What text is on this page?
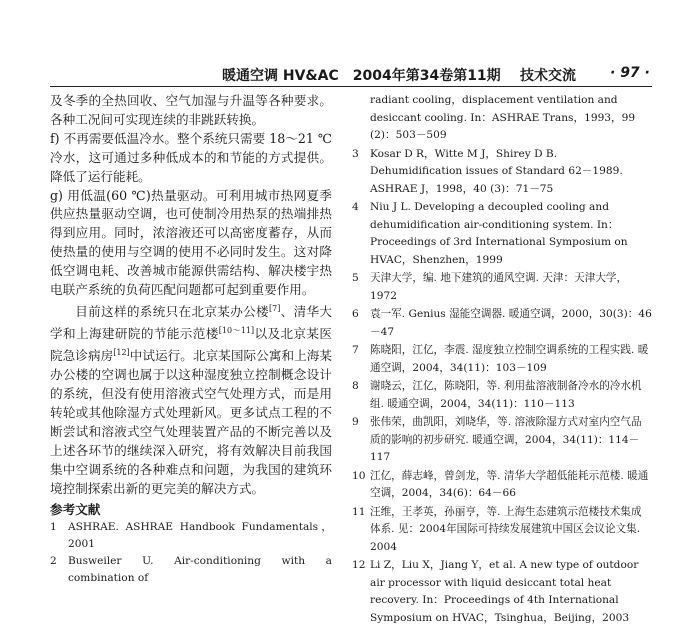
暖通空调 HV&AC　2004年第34卷第11期 技术交流 · 97 ·

及冬季的全热回收、空气加湿与升温等各种要求。各种工况间可实现连续的非跳跃转换。

f) 不再需要低温冷水。整个系统只需要 18～21 ℃冷水，这可通过多种低成本的和节能的方式提供。降低了运行能耗。

g) 用低温(60 ℃)热量驱动。可利用城市热网夏季供应热量驱动空调，也可使制冷用热泵的热端排热得到应用。同时，浓溶液还可以高密度蓄存，从而使热量的使用与空调的使用不必同时发生。这对降低空调电耗、改善城市能源供需结构、解决楼宇热电联产系统的负荷匹配问题都可起到重要作用。

目前这样的系统只在北京某办公楼[7]、清华大学和上海建研院的节能示范楼[10～11]以及北京某医院急诊病房[12]中试运行。北京某国际公寓和上海某办公楼的空调也属于以这种湿度独立控制概念设计的系统，但没有使用溶液式空气处理方式，而是用转轮或其他除湿方式处理新风。更多试点工程的不断尝试和溶液式空气处理装置产品的不断完善以及上述各环节的继续深入研究，将有效解决目前我国集中空调系统的各种难点和问题，为我国的建筑环境控制探索出新的更完美的解决方式。

参考文献
1	ASHRAE. ASHRAE Handbook Fundamentals，2001
2	Busweiler U. Air-conditioning with a combination of
radiant cooling，displacement ventilation and desiccant cooling. In：ASHRAE Trans，1993，99 (2)：503－509
3	Kosar D R，Witte M J，Shirey D B. Dehumidification issues of Standard 62－1989. ASHRAE J，1998，40 (3)：71－75
4	Niu J L. Developing a decoupled cooling and dehumidification air-conditioning system. In：Proceedings of 3rd International Symposium on HVAC，Shenzhen，1999
5	天津大学，编. 地下建筑的通风空调. 天津：天津大学，1972
6	袁一军. Genius 湿能空调器. 暖通空调，2000，30(3)：46－47
7	陈晓阳，江亿，李震. 湿度独立控制空调系统的工程实践. 暖通空调，2004，34(11)：103－109
8	谢晓云，江亿，陈晓阳，等. 利用盐溶液制备冷水的冷水机组. 暖通空调，2004，34(11)：110－113
9	张伟荣，曲凯阳，刘晓华，等. 溶液除湿方式对室内空气品质的影响的初步研究. 暖通空调，2004，34(11)：114－117
10 江亿，薛志峰，曾剑龙，等. 清华大学超低能耗示范楼. 暖通空调，2004，34(6)：64－66
11 汪维，王孝英，孙丽亨，等. 上海生态建筑示范楼技术集成体系. 见：2004年国际可持续发展建筑中国区会议论文集. 2004
12 Li Z，Liu X，Jiang Y，et al. A new type of outdoor air processor with liquid desiccant total heat recovery. In：Proceedings of 4th International Symposium on HVAC，Tsinghua，Beijing，2003
